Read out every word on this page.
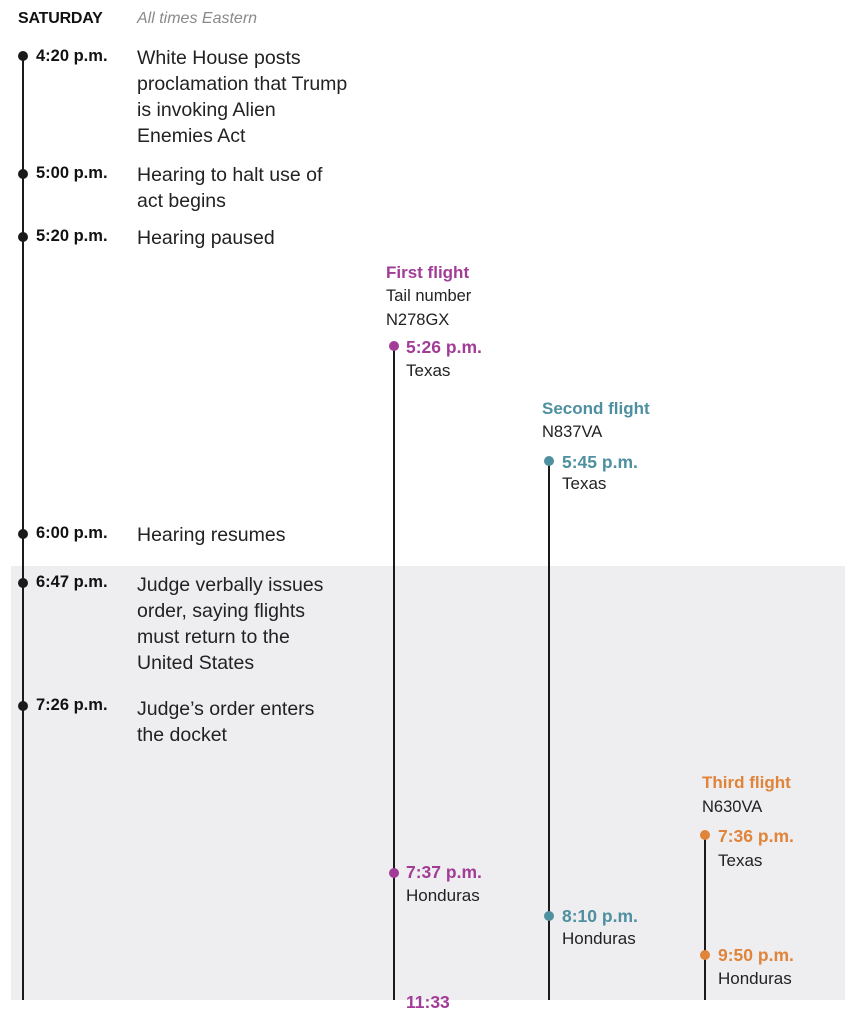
SATURDAY All times Eastern
4:20 p.m. White House posts proclamation that Trump is invoking Alien Enemies Act
5:00 p.m. Hearing to halt use of act begins
5:20 p.m. Hearing paused
6:00 p.m. Hearing resumes
6:47 p.m. Judge verbally issues order, saying flights must return to the United States
7:26 p.m. Judge’s order enters the docket
First flight
Tail number
N278GX
5:26 p.m.
Texas
7:37 p.m.
Honduras
11:33
Second flight
N837VA
5:45 p.m.
Texas
8:10 p.m.
Honduras
Third flight
N630VA
7:36 p.m.
Texas
9:50 p.m.
Honduras
